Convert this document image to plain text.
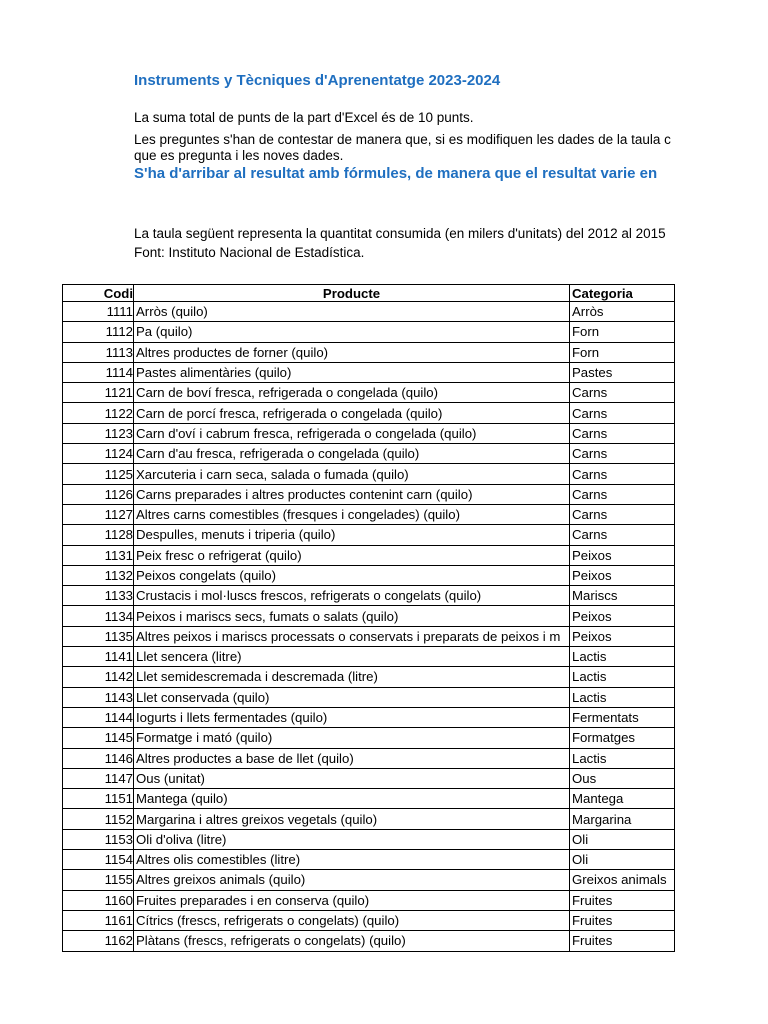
Instruments y Tècniques d'Aprenentatge 2023-2024
La suma total de punts de la part d'Excel és de 10 punts.
Les preguntes s'han de contestar de manera que, si es modifiquen les dades de la taula c
que es pregunta i les noves dades.
S'ha d'arribar al resultat amb fórmules, de manera que el resultat varie en
La taula següent representa la quantitat consumida (en milers d'unitats) del 2012 al 2015
Font: Instituto Nacional de Estadística.
Codi	Producte	Categoria
1111	Arròs (quilo)	Arròs
1112	Pa (quilo)	Forn
1113	Altres productes de forner (quilo)	Forn
1114	Pastes alimentàries (quilo)	Pastes
1121	Carn de boví fresca, refrigerada o congelada (quilo)	Carns
1122	Carn de porcí fresca, refrigerada o congelada (quilo)	Carns
1123	Carn d'oví i cabrum fresca, refrigerada o congelada (quilo)	Carns
1124	Carn d'au fresca, refrigerada o congelada (quilo)	Carns
1125	Xarcuteria i carn seca, salada o fumada (quilo)	Carns
1126	Carns preparades i altres productes contenint carn (quilo)	Carns
1127	Altres carns comestibles (fresques i congelades) (quilo)	Carns
1128	Despulles, menuts i triperia (quilo)	Carns
1131	Peix fresc o refrigerat (quilo)	Peixos
1132	Peixos congelats (quilo)	Peixos
1133	Crustacis i mol·luscs frescos, refrigerats o congelats (quilo)	Mariscs
1134	Peixos i mariscs secs, fumats o salats (quilo)	Peixos
1135	Altres peixos i mariscs processats o conservats i preparats de peixos i m	Peixos
1141	Llet sencera (litre)	Lactis
1142	Llet semidescremada i descremada (litre)	Lactis
1143	Llet conservada (quilo)	Lactis
1144	Iogurts i llets fermentades (quilo)	Fermentats
1145	Formatge i mató (quilo)	Formatges
1146	Altres productes a base de llet (quilo)	Lactis
1147	Ous (unitat)	Ous
1151	Mantega (quilo)	Mantega
1152	Margarina i altres greixos vegetals (quilo)	Margarina
1153	Oli d'oliva (litre)	Oli
1154	Altres olis comestibles (litre)	Oli
1155	Altres greixos animals (quilo)	Greixos animals
1160	Fruites preparades i en conserva (quilo)	Fruites
1161	Cítrics (frescs, refrigerats o congelats) (quilo)	Fruites
1162	Plàtans (frescs, refrigerats o congelats) (quilo)	Fruites
